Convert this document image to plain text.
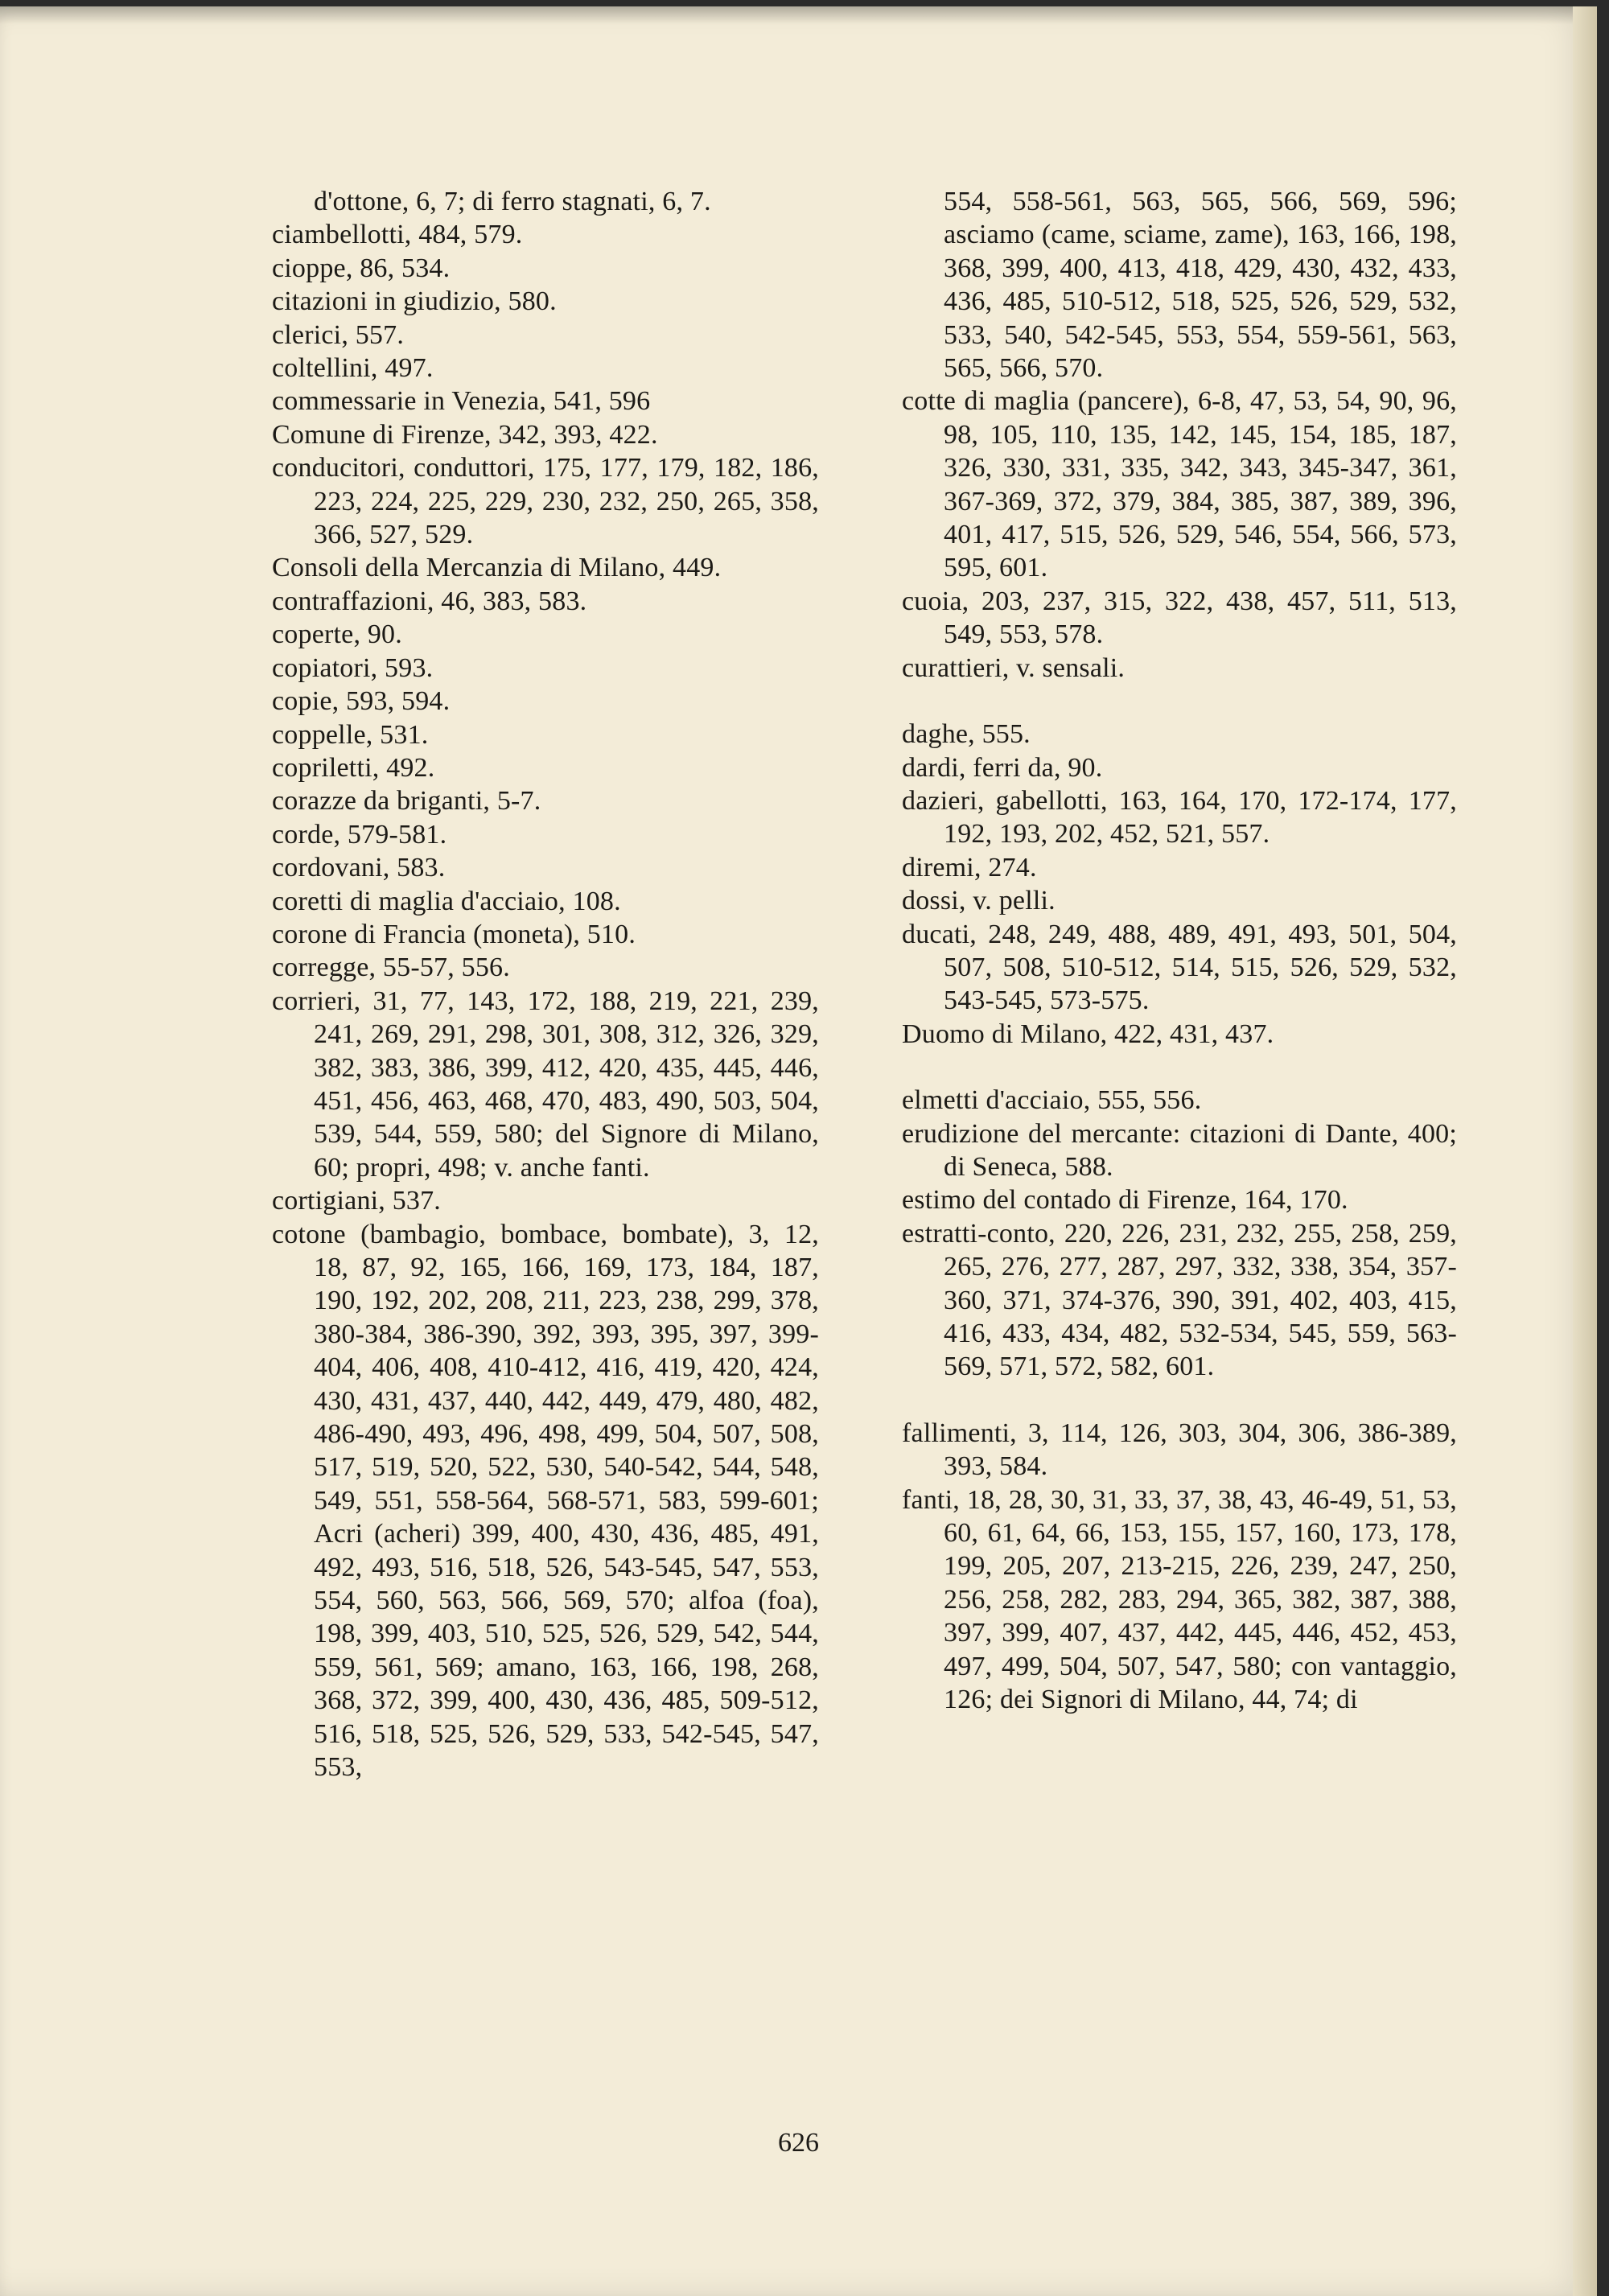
d'ottone, 6, 7; di ferro stagnati, 6, 7.

ciambellotti, 484, 579.

cioppe, 86, 534.

citazioni in giudizio, 580.

clerici, 557.

coltellini, 497.

commessarie in Venezia, 541, 596

Comune di Firenze, 342, 393, 422.

conducitori, conduttori, 175, 177, 179, 182, 186, 223, 224, 225, 229, 230, 232, 250, 265, 358, 366, 527, 529.

Consoli della Mercanzia di Milano, 449.

contraffazioni, 46, 383, 583.

coperte, 90.

copiatori, 593.

copie, 593, 594.

coppelle, 531.

copriletti, 492.

corazze da briganti, 5-7.

corde, 579-581.

cordovani, 583.

coretti di maglia d'acciaio, 108.

corone di Francia (moneta), 510.

corregge, 55-57, 556.

corrieri, 31, 77, 143, 172, 188, 219, 221, 239, 241, 269, 291, 298, 301, 308, 312, 326, 329, 382, 383, 386, 399, 412, 420, 435, 445, 446, 451, 456, 463, 468, 470, 483, 490, 503, 504, 539, 544, 559, 580; del Signore di Milano, 60; propri, 498; v. anche fanti.

cortigiani, 537.

cotone (bambagio, bombace, bombate), 3, 12, 18, 87, 92, 165, 166, 169, 173, 184, 187, 190, 192, 202, 208, 211, 223, 238, 299, 378, 380-384, 386-390, 392, 393, 395, 397, 399-404, 406, 408, 410-412, 416, 419, 420, 424, 430, 431, 437, 440, 442, 449, 479, 480, 482, 486-490, 493, 496, 498, 499, 504, 507, 508, 517, 519, 520, 522, 530, 540-542, 544, 548, 549, 551, 558-564, 568-571, 583, 599-601; Acri (acheri) 399, 400, 430, 436, 485, 491, 492, 493, 516, 518, 526, 543-545, 547, 553, 554, 560, 563, 566, 569, 570; alfoa (foa), 198, 399, 403, 510, 525, 526, 529, 542, 544, 559, 561, 569; amano, 163, 166, 198, 268, 368, 372, 399, 400, 430, 436, 485, 509-512, 516, 518, 525, 526, 529, 533, 542-545, 547, 553,

554, 558-561, 563, 565, 566, 569, 596; asciamo (came, sciame, zame), 163, 166, 198, 368, 399, 400, 413, 418, 429, 430, 432, 433, 436, 485, 510-512, 518, 525, 526, 529, 532, 533, 540, 542-545, 553, 554, 559-561, 563, 565, 566, 570.

cotte di maglia (pancere), 6-8, 47, 53, 54, 90, 96, 98, 105, 110, 135, 142, 145, 154, 185, 187, 326, 330, 331, 335, 342, 343, 345-347, 361, 367-369, 372, 379, 384, 385, 387, 389, 396, 401, 417, 515, 526, 529, 546, 554, 566, 573, 595, 601.

cuoia, 203, 237, 315, 322, 438, 457, 511, 513, 549, 553, 578.

curattieri, v. sensali.

daghe, 555.

dardi, ferri da, 90.

dazieri, gabellotti, 163, 164, 170, 172-174, 177, 192, 193, 202, 452, 521, 557.

diremi, 274.

dossi, v. pelli.

ducati, 248, 249, 488, 489, 491, 493, 501, 504, 507, 508, 510-512, 514, 515, 526, 529, 532, 543-545, 573-575.

Duomo di Milano, 422, 431, 437.

elmetti d'acciaio, 555, 556.

erudizione del mercante: citazioni di Dante, 400; di Seneca, 588.

estimo del contado di Firenze, 164, 170.

estratti-conto, 220, 226, 231, 232, 255, 258, 259, 265, 276, 277, 287, 297, 332, 338, 354, 357-360, 371, 374-376, 390, 391, 402, 403, 415, 416, 433, 434, 482, 532-534, 545, 559, 563-569, 571, 572, 582, 601.

fallimenti, 3, 114, 126, 303, 304, 306, 386-389, 393, 584.

fanti, 18, 28, 30, 31, 33, 37, 38, 43, 46-49, 51, 53, 60, 61, 64, 66, 153, 155, 157, 160, 173, 178, 199, 205, 207, 213-215, 226, 239, 247, 250, 256, 258, 282, 283, 294, 365, 382, 387, 388, 397, 399, 407, 437, 442, 445, 446, 452, 453, 497, 499, 504, 507, 547, 580; con vantaggio, 126; dei Signori di Milano, 44, 74; di

626
